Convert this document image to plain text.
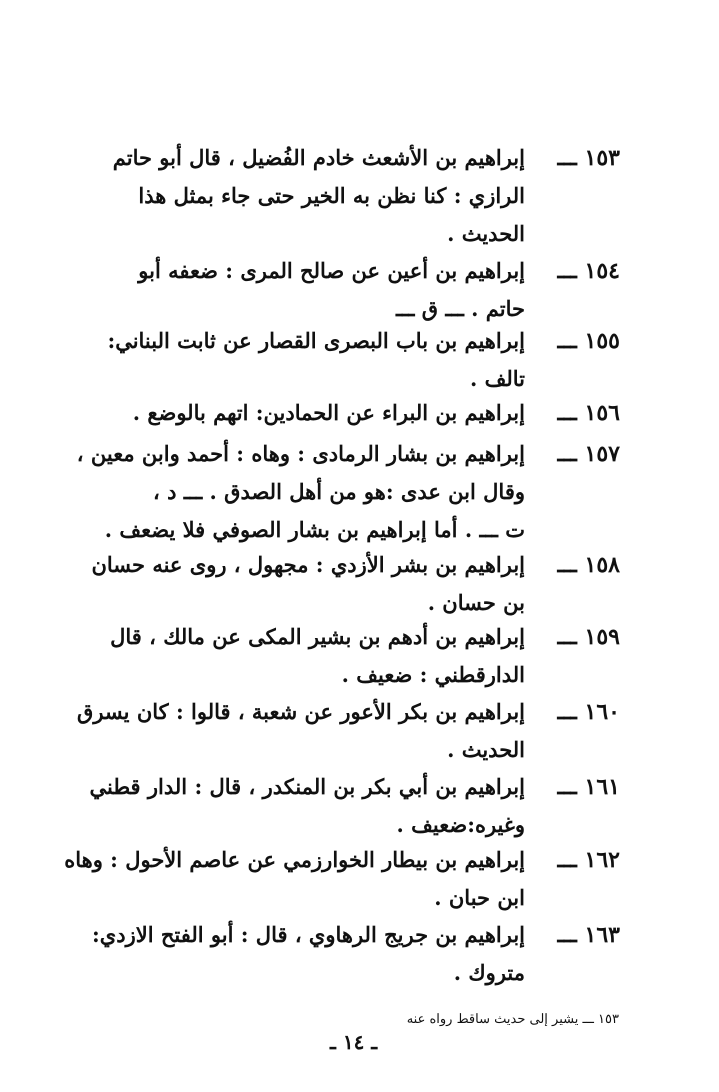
١٥٣ ـــ
إبراهيم بن الأشعث خادم الفُضيل ، قال أبو حاتم
الرازي : كنا نظن به الخير حتى جاء بمثل هذا
الحديث .
١٥٤ ـــ
إبراهيم بن أعين عن صالح المرى : ضعفه أبو
حاتم . ـــ ق ـــ
١٥٥ ـــ
إبراهيم بن باب البصرى القصار عن ثابت البناني:
تالف .
١٥٦ ـــ
إبراهيم بن البراء عن الحمادين: اتهم بالوضع .
١٥٧ ـــ
إبراهيم بن بشار الرمادى : وهاه : أحمد وابن معين ،
وقال ابن عدى :هو من أهل الصدق . ـــ د ،
ت ـــ . أما إبراهيم بن بشار الصوفي فلا يضعف .
١٥٨ ـــ
إبراهيم بن بشر الأزدي : مجهول ، روى عنه حسان
بن حسان .
١٥٩ ـــ
إبراهيم بن أدهم بن بشير المكى عن مالك ، قال
الدارقطني : ضعيف .
١٦٠ ـــ
إبراهيم بن بكر الأعور عن شعبة ، قالوا : كان يسرق
الحديث .
١٦١ ـــ
إبراهيم بن أبي بكر بن المنكدر ، قال : الدار قطني
وغيره:ضعيف .
١٦٢ ـــ
إبراهيم بن بيطار الخوارزمي عن عاصم الأحول : وهاه
ابن حبان .
١٦٣ ـــ
إبراهيم بن جريج الرهاوي ، قال : أبو الفتح الازدي:
متروك .
١٥٣ ـــ يشير إلى حديث ساقط رواه عنه
ـ ١٤ ـ
